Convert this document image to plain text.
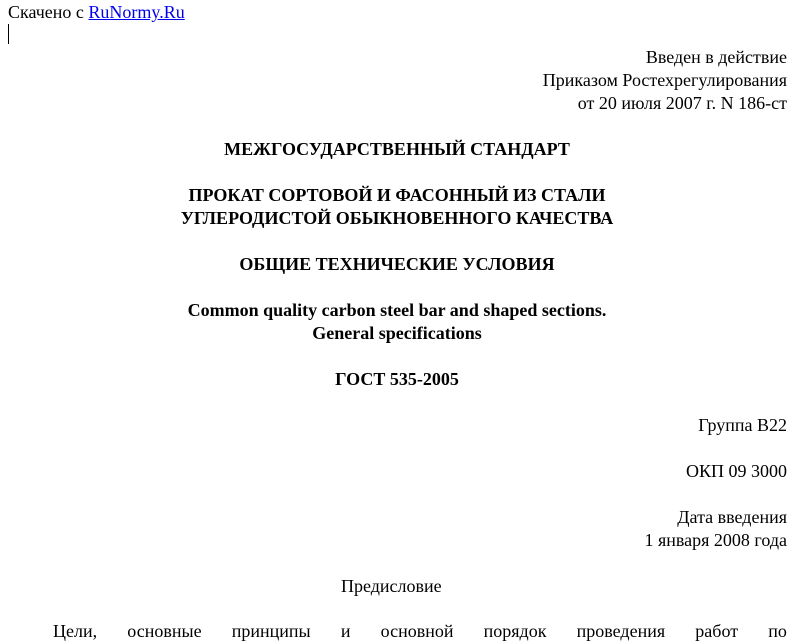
Скачено с RuNormy.Ru
Введен в действие
Приказом Ростехрегулирования
от 20 июля 2007 г. N 186-ст
МЕЖГОСУДАРСТВЕННЫЙ СТАНДАРТ
ПРОКАТ СОРТОВОЙ И ФАСОННЫЙ ИЗ СТАЛИ
УГЛЕРОДИСТОЙ ОБЫКНОВЕННОГО КАЧЕСТВА
ОБЩИЕ ТЕХНИЧЕСКИЕ УСЛОВИЯ
Common quality carbon steel bar and shaped sections.
General specifications
ГОСТ 535-2005
Группа В22
ОКП 09 3000
Дата введения
1 января 2008 года
Предисловие
Цели, основные принципы и основной порядок проведения работ по
